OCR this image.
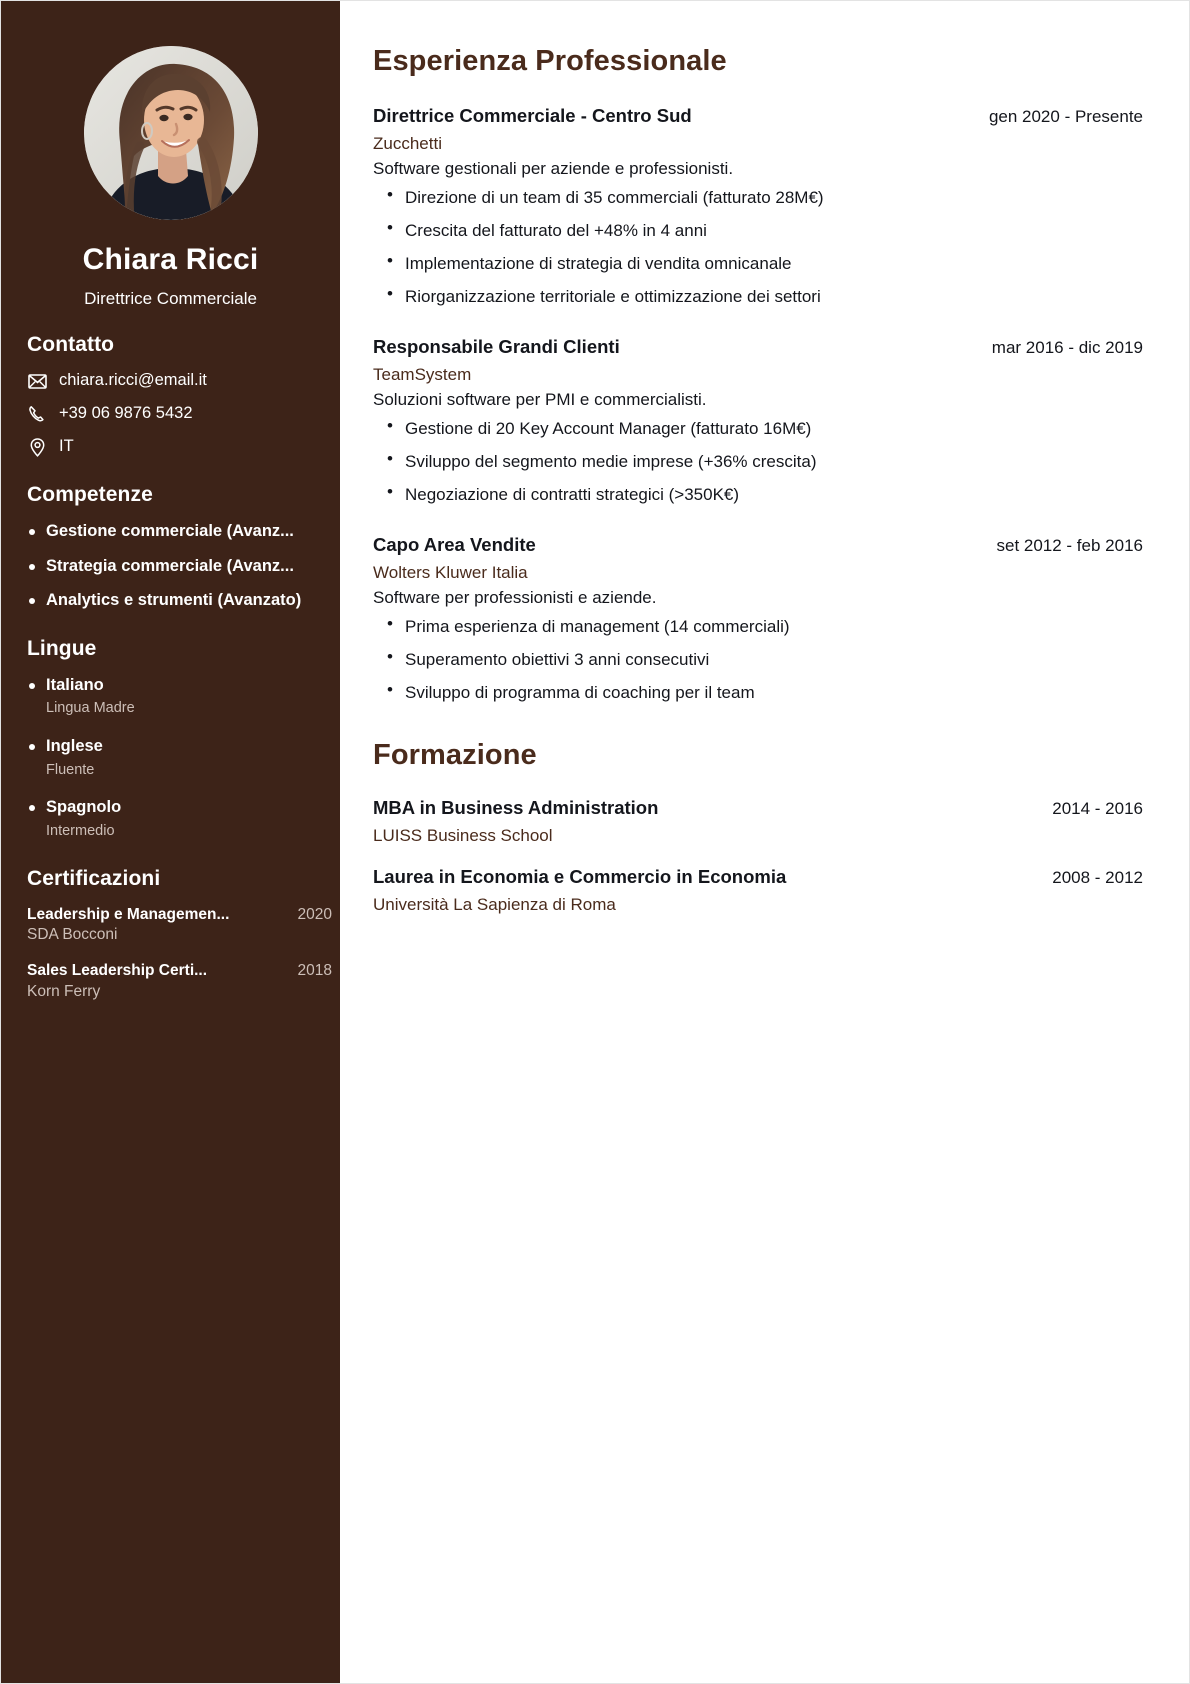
Chiara Ricci
Direttrice Commerciale
Contatto
chiara.ricci@email.it
+39 06 9876 5432
IT
Competenze
Gestione commerciale (Avanz...
Strategia commerciale (Avanz...
Analytics e strumenti (Avanzato)
Lingue
Italiano
Lingua Madre
Inglese
Fluente
Spagnolo
Intermedio
Certificazioni
Leadership e Managemen...	2020
SDA Bocconi
Sales Leadership Certi...	2018
Korn Ferry
Esperienza Professionale
Direttrice Commerciale - Centro Sud	gen 2020 - Presente
Zucchetti
Software gestionali per aziende e professionisti.
• Direzione di un team di 35 commerciali (fatturato 28M€)
• Crescita del fatturato del +48% in 4 anni
• Implementazione di strategia di vendita omnicanale
• Riorganizzazione territoriale e ottimizzazione dei settori
Responsabile Grandi Clienti	mar 2016 - dic 2019
TeamSystem
Soluzioni software per PMI e commercialisti.
• Gestione di 20 Key Account Manager (fatturato 16M€)
• Sviluppo del segmento medie imprese (+36% crescita)
• Negoziazione di contratti strategici (>350K€)
Capo Area Vendite	set 2012 - feb 2016
Wolters Kluwer Italia
Software per professionisti e aziende.
• Prima esperienza di management (14 commerciali)
• Superamento obiettivi 3 anni consecutivi
• Sviluppo di programma di coaching per il team
Formazione
MBA in Business Administration	2014 - 2016
LUISS Business School
Laurea in Economia e Commercio in Economia	2008 - 2012
Università La Sapienza di Roma
